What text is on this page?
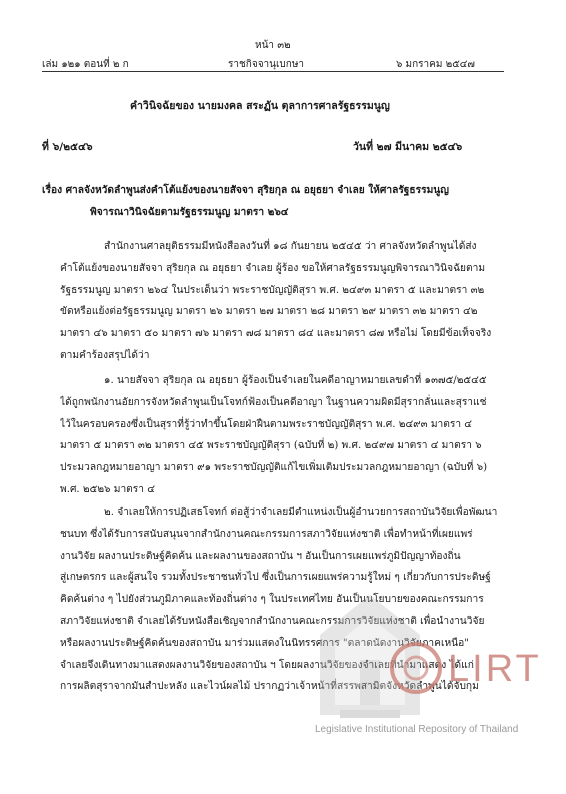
หน้า ๓๒
เล่ม ๑๒๑ ตอนที่ ๒ ก	ราชกิจจานุเบกษา	๖ มกราคม ๒๕๔๗
คำวินิจฉัยของ นายมงคล สระฏัน ตุลาการศาลรัฐธรรมนูญ
ที่ ๖/๒๕๔๖	วันที่ ๒๗ มีนาคม ๒๕๔๖
เรื่อง ศาลจังหวัดลำพูนส่งคำโต้แย้งของนายสัจจา สุริยกุล ณ อยุธยา จำเลย ให้ศาลรัฐธรรมนูญ
พิจารณาวินิจฉัยตามรัฐธรรมนูญ มาตรา ๒๖๔
สำนักงานศาลยุติธรรมมีหนังสือลงวันที่ ๑๘ กันยายน ๒๕๔๕ ว่า ศาลจังหวัดลำพูนได้ส่ง
คำโต้แย้งของนายสัจจา สุริยกุล ณ อยุธยา จำเลย ผู้ร้อง ขอให้ศาลรัฐธรรมนูญพิจารณาวินิจฉัยตาม
รัฐธรรมนูญ มาตรา ๒๖๔ ในประเด็นว่า พระราชบัญญัติสุรา พ.ศ. ๒๔๙๓ มาตรา ๕ และมาตรา ๓๒
ขัดหรือแย้งต่อรัฐธรรมนูญ มาตรา ๒๖ มาตรา ๒๗ มาตรา ๒๘ มาตรา ๒๙ มาตรา ๓๒ มาตรา ๔๒
มาตรา ๔๖ มาตรา ๕๐ มาตรา ๗๖ มาตรา ๗๘ มาตรา ๘๔ และมาตรา ๘๗ หรือไม่ โดยมีข้อเท็จจริง
ตามคำร้องสรุปได้ว่า
๑. นายสัจจา สุริยกุล ณ อยุธยา ผู้ร้องเป็นจำเลยในคดีอาญาหมายเลขดำที่ ๑๓๗๕/๒๕๔๕
ได้ถูกพนักงานอัยการจังหวัดลำพูนเป็นโจทก์ฟ้องเป็นคดีอาญา ในฐานความผิดมีสุรากลั่นและสุราแช่
ไว้ในครอบครองซึ่งเป็นสุราที่รู้ว่าทำขึ้นโดยฝ่าฝืนตามพระราชบัญญัติสุรา พ.ศ. ๒๔๙๓ มาตรา ๔
มาตรา ๕ มาตรา ๓๒ มาตรา ๔๕ พระราชบัญญัติสุรา (ฉบับที่ ๒) พ.ศ. ๒๔๙๗ มาตรา ๔ มาตรา ๖
ประมวลกฎหมายอาญา มาตรา ๙๑ พระราชบัญญัติแก้ไขเพิ่มเติมประมวลกฎหมายอาญา (ฉบับที่ ๖)
พ.ศ. ๒๕๒๖ มาตรา ๔
๒. จำเลยให้การปฏิเสธโจทก์ ต่อสู้ว่าจำเลยมีตำแหน่งเป็นผู้อำนวยการสถาบันวิจัยเพื่อพัฒนา
ชนบท ซึ่งได้รับการสนับสนุนจากสำนักงานคณะกรรมการสภาวิจัยแห่งชาติ เพื่อทำหน้าที่เผยแพร่
งานวิจัย ผลงานประดิษฐ์คิดค้น และผลงานของสถาบัน ฯ อันเป็นการเผยแพร่ภูมิปัญญาท้องถิ่น
สู่เกษตรกร และผู้สนใจ รวมทั้งประชาชนทั่วไป ซึ่งเป็นการเผยแพร่ความรู้ใหม่ ๆ เกี่ยวกับการประดิษฐ์
คิดค้นต่าง ๆ ไปยังส่วนภูมิภาคและท้องถิ่นต่าง ๆ ในประเทศไทย อันเป็นนโยบายของคณะกรรมการ
สภาวิจัยแห่งชาติ จำเลยได้รับหนังสือเชิญจากสำนักงานคณะกรรมการวิจัยแห่งชาติ เพื่อนำงานวิจัย
หรือผลงานประดิษฐ์คิดค้นของสถาบัน มาร่วมแสดงในนิทรรศการ "ตลาดนัดงานวิจัยภาคเหนือ"
จำเลยจึงเดินทางมาแสดงผลงานวิจัยของสถาบัน ฯ โดยผลงานวิจัยของจำเลยที่นำมาแสดง ได้แก่
การผลิตสุราจากมันสำปะหลัง และไวน์ผลไม้ ปรากฏว่าเจ้าหน้าที่สรรพสามิตจังหวัดลำพูนได้จับกุม
LIRT
Legislative Institutional Repository of Thailand
